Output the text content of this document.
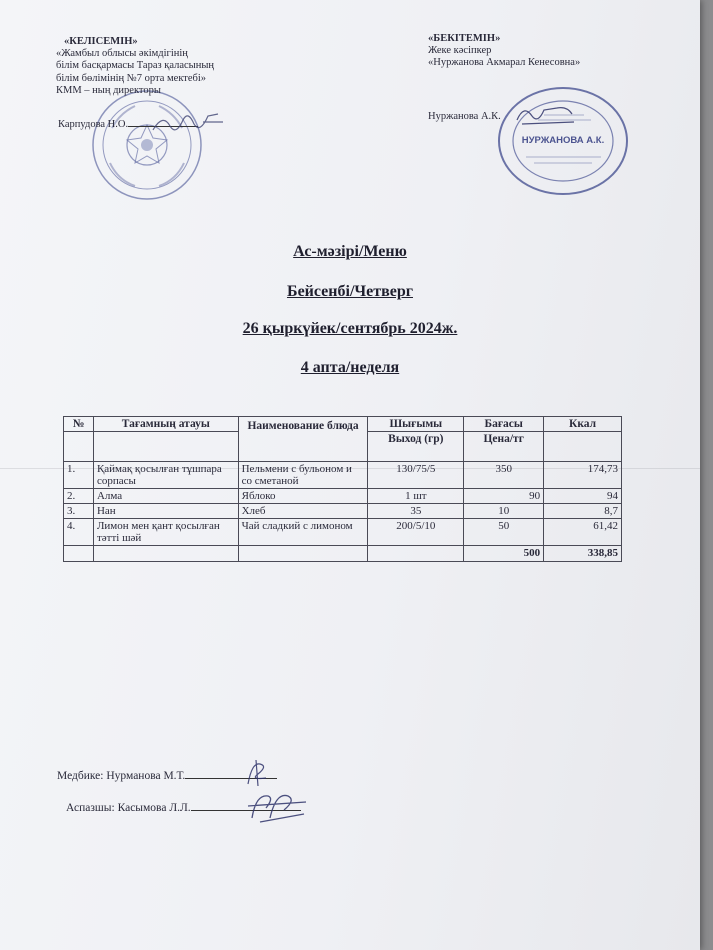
«КЕЛІСЕМІН»
«Жамбыл облысы әкімдігінің
білім басқармасы Тараз қаласының
білім бөлімінің №7 орта мектебі»
КММ – ның директоры
Карпудова Н.О.
«БЕКІТЕМІН»
Жеке кәсіпкер
«Нуржанова Акмарал Кенесовна»
Нуржанова А.К.
НУРЖАНОВА А.К.
Ас-мәзірі/Меню
Бейсенбі/Четверг
26 қыркүйек/сентябрь 2024ж.
4 апта/неделя
№	Тағамның атауы	Наименование блюда	Шығымы	Бағасы	Ккал
			Выход (гр)	Цена/тг	
1.	Қаймақ қосылған тұшпара сорпасы	Пельмени с бульоном и со сметаной	130/75/5	350	174,73
2.	Алма	Яблоко	1 шт	90	94
3.	Нан	Хлеб	35	10	8,7
4.	Лимон мен қант қосылған тәтті шәй	Чай сладкий с лимоном	200/5/10	50	61,42
				500	338,85
Медбике: Нурманова М.Т.
Аспазшы: Касымова Л.Л.
